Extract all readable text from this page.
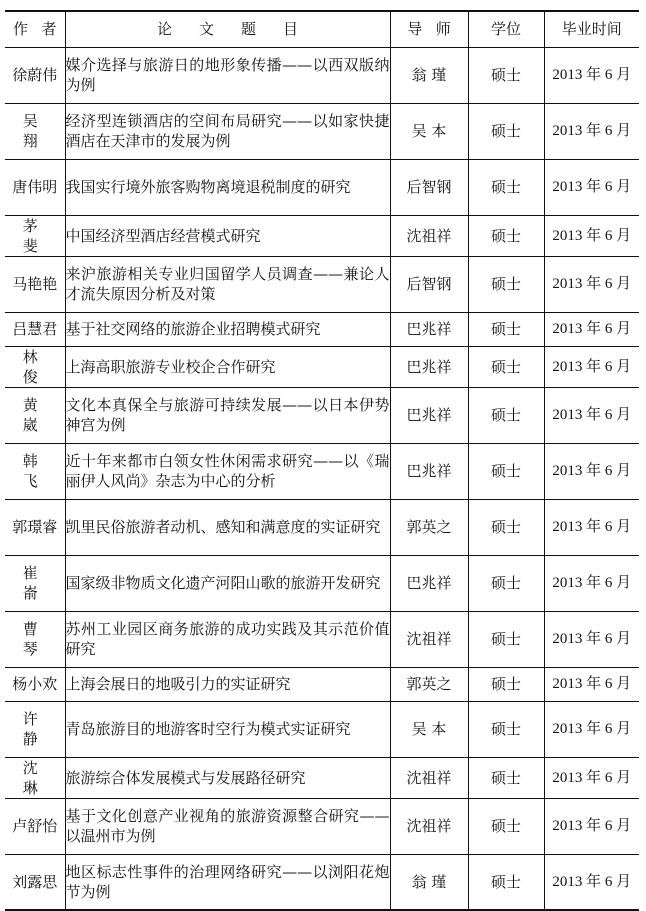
作者	论文题目	导师	学位	毕业时间
徐蔚伟	媒介选择与旅游日的地形象传播——以西双版纳为例	翁 瑾	硕士	2013 年 6 月
吴 翔	经济型连锁酒店的空间布局研究——以如家快捷酒店在天津市的发展为例	吴 本	硕士	2013 年 6 月
唐伟明	我国实行境外旅客购物离境退税制度的研究	后智钢	硕士	2013 年 6 月
茅 斐	中国经济型酒店经营模式研究	沈祖祥	硕士	2013 年 6 月
马艳艳	来沪旅游相关专业归国留学人员调查——兼论人才流失原因分析及对策	后智钢	硕士	2013 年 6 月
吕慧君	基于社交网络的旅游企业招聘模式研究	巴兆祥	硕士	2013 年 6 月
林 俊	上海高职旅游专业校企合作研究	巴兆祥	硕士	2013 年 6 月
黄 崴	文化本真保全与旅游可持续发展——以日本伊势神宫为例	巴兆祥	硕士	2013 年 6 月
韩 飞	近十年来都市白领女性休闲需求研究——以《瑞丽伊人风尚》杂志为中心的分析	巴兆祥	硕士	2013 年 6 月
郭璟睿	凯里民俗旅游者动机、感知和满意度的实证研究	郭英之	硕士	2013 年 6 月
崔 嵛	国家级非物质文化遗产河阳山歌的旅游开发研究	巴兆祥	硕士	2013 年 6 月
曹 琴	苏州工业园区商务旅游的成功实践及其示范价值研究	沈祖祥	硕士	2013 年 6 月
杨小欢	上海会展日的地吸引力的实证研究	郭英之	硕士	2013 年 6 月
许 静	青岛旅游目的地游客时空行为模式实证研究	吴 本	硕士	2013 年 6 月
沈 琳	旅游综合体发展模式与发展路径研究	沈祖祥	硕士	2013 年 6 月
卢舒怡	基于文化创意产业视角的旅游资源整合研究——以温州市为例	沈祖祥	硕士	2013 年 6 月
刘露思	地区标志性事件的治理网络研究——以浏阳花炮节为例	翁 瑾	硕士	2013 年 6 月
